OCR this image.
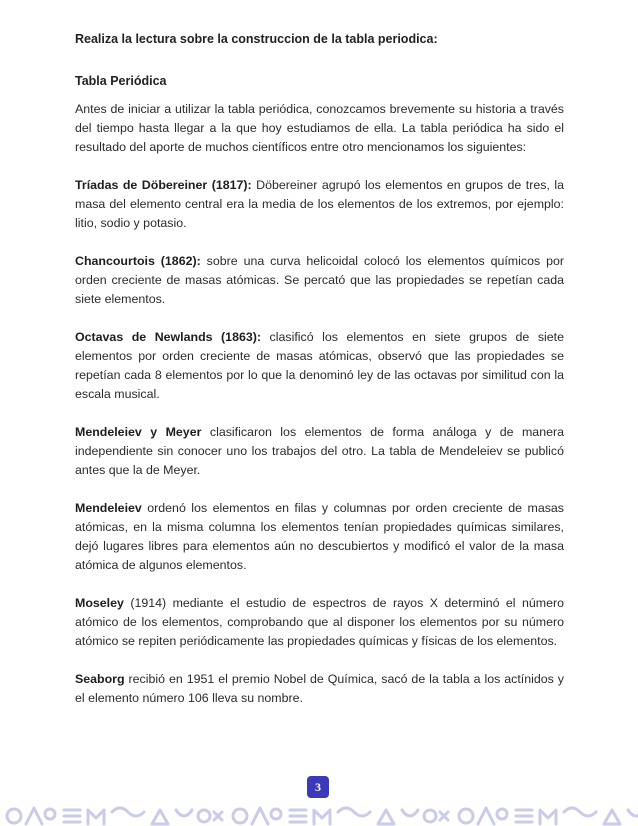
Realiza la lectura sobre la construccion de la tabla periodica:

Tabla Periódica

Antes de iniciar a utilizar la tabla periódica, conozcamos brevemente su historia a través del tiempo hasta llegar a la que hoy estudiamos de ella. La tabla periódica ha sido el resultado del aporte de muchos científicos entre otro mencionamos los siguientes:

Tríadas de Döbereiner (1817): Döbereiner agrupó los elementos en grupos de tres, la masa del elemento central era la media de los elementos de los extremos, por ejemplo: litio, sodio y potasio.

Chancourtois (1862): sobre una curva helicoidal colocó los elementos químicos por orden creciente de masas atómicas. Se percató que las propiedades se repetían cada siete elementos.

Octavas de Newlands (1863): clasificó los elementos en siete grupos de siete elementos por orden creciente de masas atómicas, observó que las propiedades se repetían cada 8 elementos por lo que la denominó ley de las octavas por similitud con la escala musical.

Mendeleiev y Meyer clasificaron los elementos de forma análoga y de manera independiente sin conocer uno los trabajos del otro. La tabla de Mendeleiev se publicó antes que la de Meyer.

Mendeleiev ordenó los elementos en filas y columnas por orden creciente de masas atómicas, en la misma columna los elementos tenían propiedades químicas similares, dejó lugares libres para elementos aún no descubiertos y modificó el valor de la masa atómica de algunos elementos.

Moseley (1914) mediante el estudio de espectros de rayos X determinó el número atómico de los elementos, comprobando que al disponer los elementos por su número atómico se repiten periódicamente las propiedades químicas y físicas de los elementos.

Seaborg recibió en 1951 el premio Nobel de Química, sacó de la tabla a los actínidos y el elemento número 106 lleva su nombre.

3
